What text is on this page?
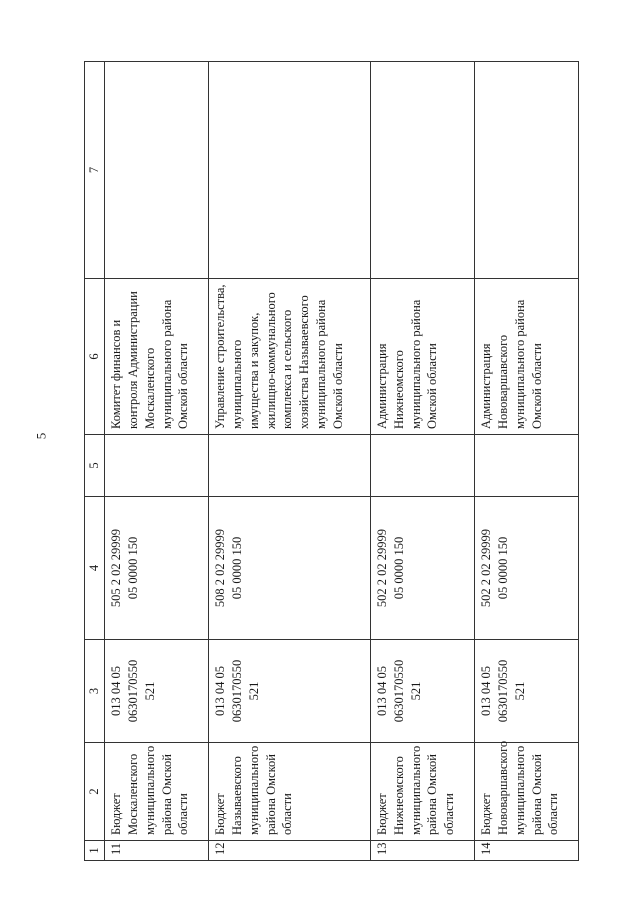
5
1	2	3	4	5	6	7
11	Бюджет Москаленского муниципального района Омской области	013 04 05 0630170550 521	505 2 02 29999 05 0000 150		Комитет финансов и контроля Администрации Москаленского муниципального района Омской области	
12	Бюджет Называевского муниципального района Омской области	013 04 05 0630170550 521	508 2 02 29999 05 0000 150		Управление строительства, муниципального имущества и закупок, жилищно-коммунального комплекса и сельского хозяйства Называевского муниципального района Омской области	
13	Бюджет Нижнеомского муниципального района Омской области	013 04 05 0630170550 521	502 2 02 29999 05 0000 150		Администрация Нижнеомского муниципального района Омской области	
14	Бюджет Нововаршавского муниципального района Омской области	013 04 05 0630170550 521	502 2 02 29999 05 0000 150		Администрация Нововаршавского муниципального района Омской области	
